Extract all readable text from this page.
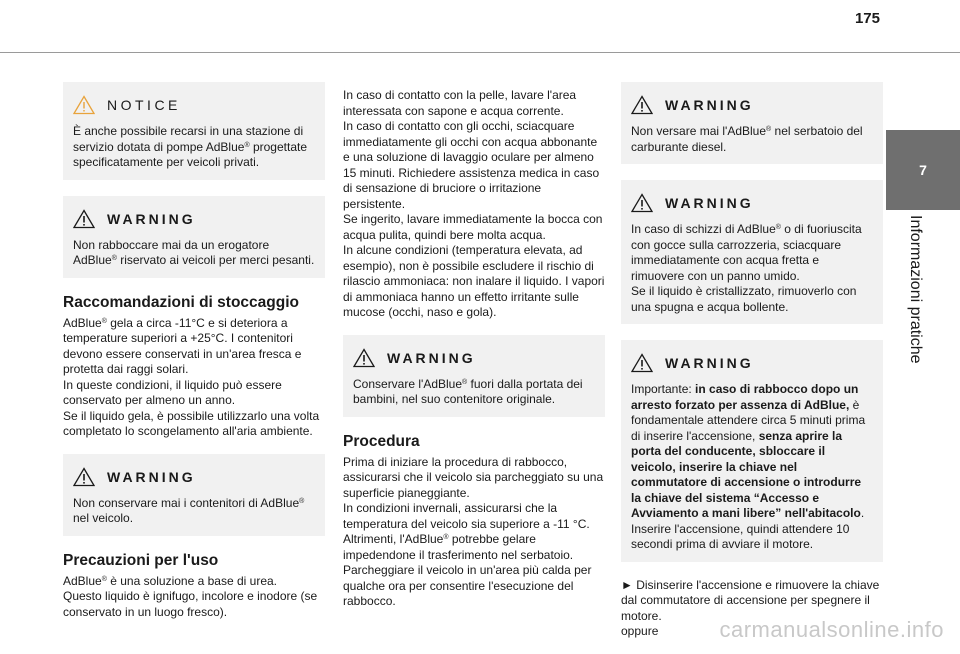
175
7
Informazioni pratiche
NOTICE
È anche possibile recarsi in una stazione di servizio dotata di pompe AdBlue® progettate specificatamente per veicoli privati.
WARNING
Non rabboccare mai da un erogatore AdBlue® riservato ai veicoli per merci pesanti.
Raccomandazioni di stoccaggio

AdBlue® gela a circa -11°C e si deteriora a temperature superiori a +25°C. I contenitori devono essere conservati in un'area fresca e protetta dai raggi solari.
In queste condizioni, il liquido può essere conservato per almeno un anno.
Se il liquido gela, è possibile utilizzarlo una volta completato lo scongelamento all'aria ambiente.

WARNING
Non conservare mai i contenitori di AdBlue® nel veicolo.
Precauzioni per l'uso

AdBlue® è una soluzione a base di urea.
Questo liquido è ignifugo, incolore e inodore (se conservato in un luogo fresco).

In caso di contatto con la pelle, lavare l'area interessata con sapone e acqua corrente.
In caso di contatto con gli occhi, sciacquare immediatamente gli occhi con acqua abbonante e una soluzione di lavaggio oculare per almeno 15 minuti. Richiedere assistenza medica in caso di sensazione di bruciore o irritazione persistente.
Se ingerito, lavare immediatamente la bocca con acqua pulita, quindi bere molta acqua.
In alcune condizioni (temperatura elevata, ad esempio), non è possibile escludere il rischio di rilascio ammoniaca: non inalare il liquido. I vapori di ammoniaca hanno un effetto irritante sulle mucose (occhi, naso e gola).

WARNING
Conservare l'AdBlue® fuori dalla portata dei bambini, nel suo contenitore originale.
Procedura

Prima di iniziare la procedura di rabbocco, assicurarsi che il veicolo sia parcheggiato su una superficie pianeggiante.
In condizioni invernali, assicurarsi che la temperatura del veicolo sia superiore a -11 °C. Altrimenti, l'AdBlue® potrebbe gelare impedendone il trasferimento nel serbatoio.
Parcheggiare il veicolo in un'area più calda per qualche ora per consentire l'esecuzione del rabbocco.

WARNING
Non versare mai l'AdBlue® nel serbatoio del carburante diesel.
WARNING
In caso di schizzi di AdBlue® o di fuoriuscita con gocce sulla carrozzeria, sciacquare immediatamente con acqua fretta e rimuovere con un panno umido.
Se il liquido è cristallizzato, rimuoverlo con una spugna e acqua bollente.
WARNING
Importante: in caso di rabbocco dopo un arresto forzato per assenza di AdBlue, è fondamentale attendere circa 5 minuti prima di inserire l'accensione, senza aprire la porta del conducente, sbloccare il veicolo, inserire la chiave nel commutatore di accensione o introdurre la chiave del sistema “Accesso e Avviamento a mani libere” nell'abitacolo.
Inserire l'accensione, quindi attendere 10 secondi prima di avviare il motore.

► Disinserire l'accensione e rimuovere la chiave dal commutatore di accensione per spegnere il motore.
oppure	carmanualsonline.info
